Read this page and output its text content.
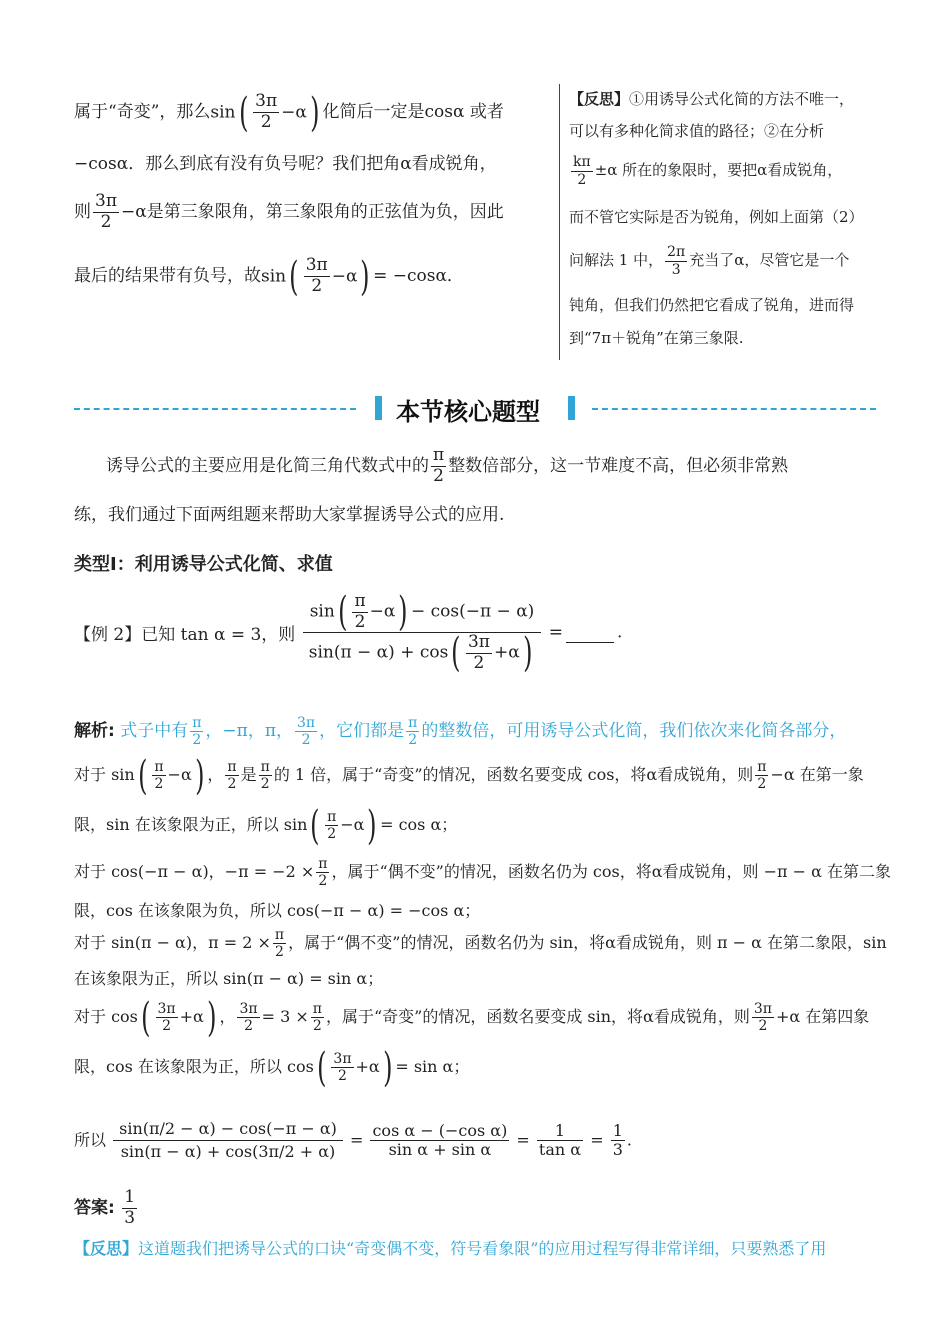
属于“奇变”，那么$\sin( \frac{3\pi}{2} -\alpha)$ 化简后一定是cosα 或者
−cosα．那么到底有没有负号呢？我们把角α看成锐角，
则 $\frac{3\pi}{2} -\alpha$是第三象限角，第三象限角的正弦值为负，因此
最后的结果带有负号，故$\sin( \frac{3\pi}{2} -\alpha) = -\cos\alpha$．
【反思】①用诱导公式化简的方法不唯一，
可以有多种化简求值的路径；②在分析
$\frac{k\pi}{2} \pm\alpha$ 所在的象限时，要把α看成锐角，
而不管它实际是否为锐角，例如上面第（2）
问解法 1 中， $\frac{2\pi}{3}$ 充当了α，尽管它是一个
钝角，但我们仍然把它看成了锐角，进而得
到“7π＋锐角”在第三象限.
本节核心题型
诱导公式的主要应用是化简三角代数式中的 $\frac{\pi}{2}$ 整数倍部分，这一节难度不高，但必须非常熟
练，我们通过下面两组题来帮助大家掌握诱导公式的应用.
类型Ⅰ：利用诱导公式化简、求值
【例 2】已知 tan α = 3，则 $\frac{\sin( \frac{\pi}{2} -\alpha) - \cos(-\pi - \alpha)}{\sin(\pi - \alpha) + \cos( \frac{3\pi}{2} +\alpha)}$ =	.
解析: 式子中有 $\frac{\pi}{2}$ ，−π，π， $\frac{3\pi}{2}$ ，它们都是 $\frac{\pi}{2}$ 的整数倍，可用诱导公式化简，我们依次来化简各部分，
对于 $\sin( \frac{\pi}{2} -\alpha)$ ， $\frac{\pi}{2}$ 是 $\frac{\pi}{2}$ 的 1 倍，属于“奇变”的情况，函数名要变成 cos，将α看成锐角，则 $\frac{\pi}{2} -\alpha$ 在第一象
限，sin 在该象限为正，所以 $\sin( \frac{\pi}{2} -\alpha) = \cos \alpha$；
对于 cos(−π − α)，$-\pi = -2 \times \frac{\pi}{2}$ ，属于“偶不变”的情况，函数名仍为 cos，将α看成锐角，则 −π − α 在第二象
限，cos 在该象限为负，所以 cos(−π − α) = −cos α；
对于 sin(π − α)，$\pi = 2 \times \frac{\pi}{2}$ ，属于“偶不变”的情况，函数名仍为 sin，将α看成锐角，则 π − α 在第二象限，sin
在该象限为正，所以 sin(π − α) = sin α；
对于 $\cos( \frac{3\pi}{2} +\alpha)$ ， $\frac{3\pi}{2} = 3 \times \frac{\pi}{2}$ ，属于“奇变”的情况，函数名要变成 sin，将α看成锐角，则 $\frac{3\pi}{2} +\alpha$ 在第四象
限，cos 在该象限为正，所以 $\cos( \frac{3\pi}{2} +\alpha) = \sin \alpha$；
所以 $\frac{\sin(\pi/2 - \alpha) - \cos(-\pi - \alpha)}{\sin(\pi - \alpha) + \cos(3\pi/2 + \alpha)} = \frac{\text{cos α − (−cos α)}}{\text{sin α + sin α}} = \frac{1}{\text{tan α}} = \frac{1}{3}$ .
答案: $\frac{1}{3}$
【反思】这道题我们把诱导公式的口诀“奇变偶不变，符号看象限”的应用过程写得非常详细，只要熟悉了用
